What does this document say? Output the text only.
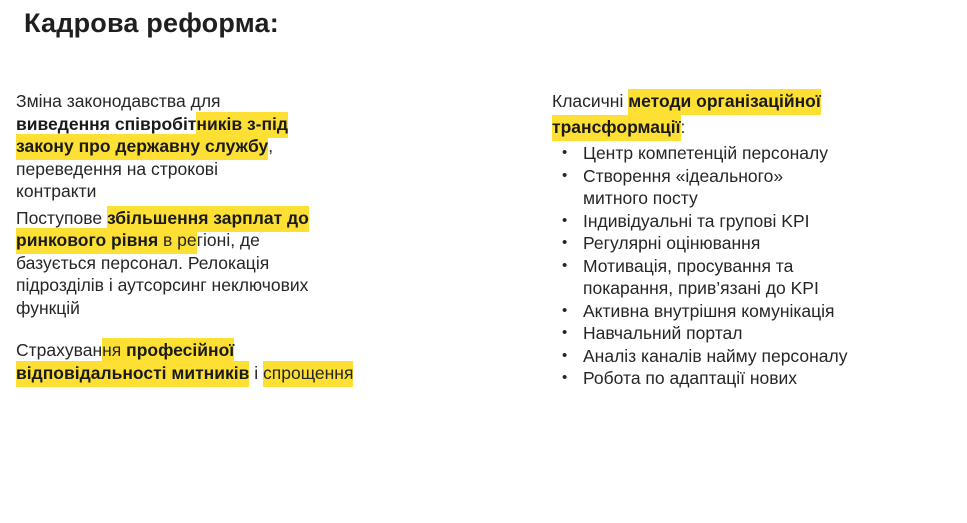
Кадрова реформа:
Зміна законодавства для
виведення співробітників з-під
закону про державну службу,
переведення на строкові
контракти
Поступове збільшення зарплат до
ринкового рівня в регіоні, де
базується персонал. Релокація
підрозділів і аутсорсинг неключових
функцій
Страхування професійної
відповідальності митників і спрощення
Класичні методи організаційної
трансформації:
• Центр компетенцій персоналу
• Створення «ідеального»
митного посту
• Індивідуальні та групові KPI
• Регулярні оцінювання
• Мотивація, просування та
покарання, прив’язані до KPI
• Активна внутрішня комунікація
• Навчальний портал
• Аналіз каналів найму персоналу
• Робота по адаптації нових
